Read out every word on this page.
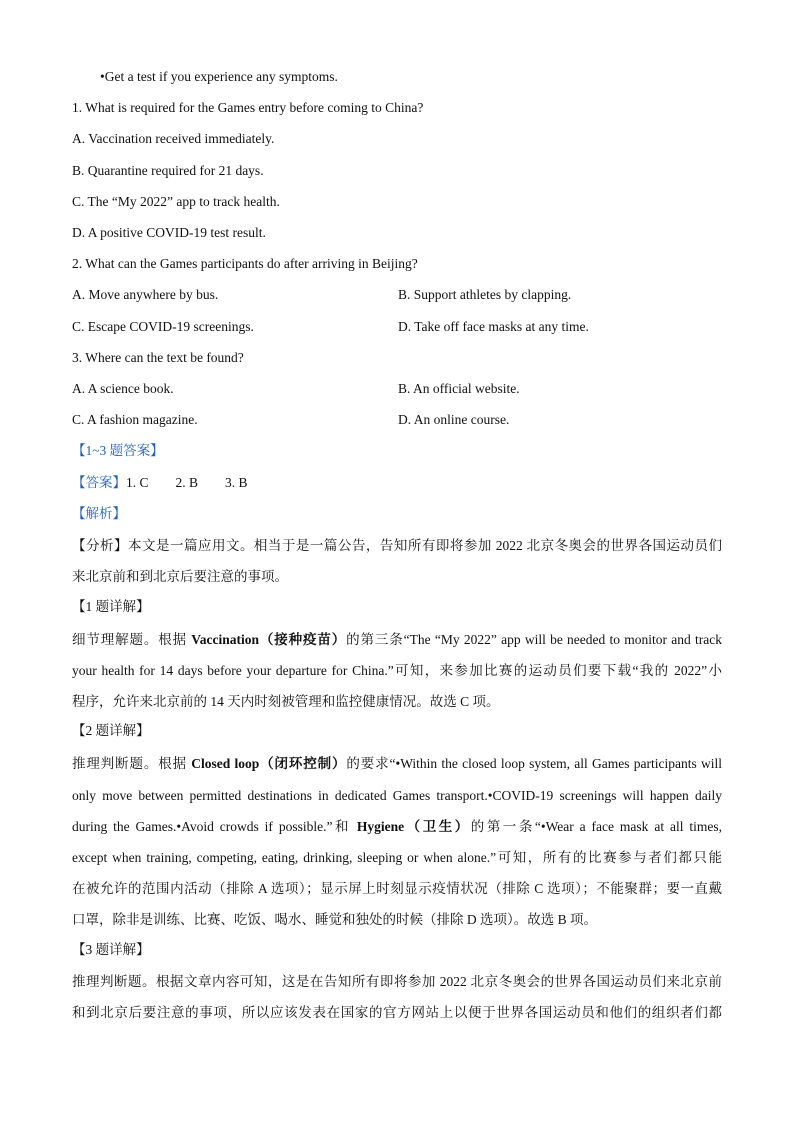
•Get a test if you experience any symptoms.
1. What is required for the Games entry before coming to China?
A. Vaccination received immediately.
B. Quarantine required for 21 days.
C. The “My 2022” app to track health.
D. A positive COVID-19 test result.
2. What can the Games participants do after arriving in Beijing?
A. Move anywhere by bus.	B. Support athletes by clapping.
C. Escape COVID-19 screenings.	D. Take off face masks at any time.
3. Where can the text be found?
A. A science book.	B. An official website.
C. A fashion magazine.	D. An online course.
【1~3 题答案】
【答案】1. C        2. B        3. B
【解析】
【分析】本文是一篇应用文。相当于是一篇公告，告知所有即将参加 2022 北京冬奥会的世界各国运动员们
来北京前和到北京后要注意的事项。
【1 题详解】
细节理解题。根据 Vaccination（接种疫苗）的第三条“The “My 2022” app will be needed to monitor and track
your health for 14 days before your departure for China.”可知，来参加比赛的运动员们要下载“我的 2022”小
程序，允许来北京前的 14 天内时刻被管理和监控健康情况。故选 C 项。
【2 题详解】
推理判断题。根据 Closed loop（闭环控制）的要求“•Within the closed loop system, all Games participants will
only move between permitted destinations in dedicated Games transport.•COVID-19 screenings will happen daily
during the Games.•Avoid crowds if possible.”和 Hygiene（卫生）的第一条“•Wear a face mask at all times,
except when training, competing, eating, drinking, sleeping or when alone.”可知，所有的比赛参与者们都只能
在被允许的范围内活动（排除 A 选项）；显示屏上时刻显示疫情状况（排除 C 选项）；不能聚群；要一直戴
口罩，除非是训练、比赛、吃饭、喝水、睡觉和独处的时候（排除 D 选项）。故选 B 项。
【3 题详解】
推理判断题。根据文章内容可知，这是在告知所有即将参加 2022 北京冬奥会的世界各国运动员们来北京前
和到北京后要注意的事项，所以应该发表在国家的官方网站上以便于世界各国运动员和他们的组织者们都
